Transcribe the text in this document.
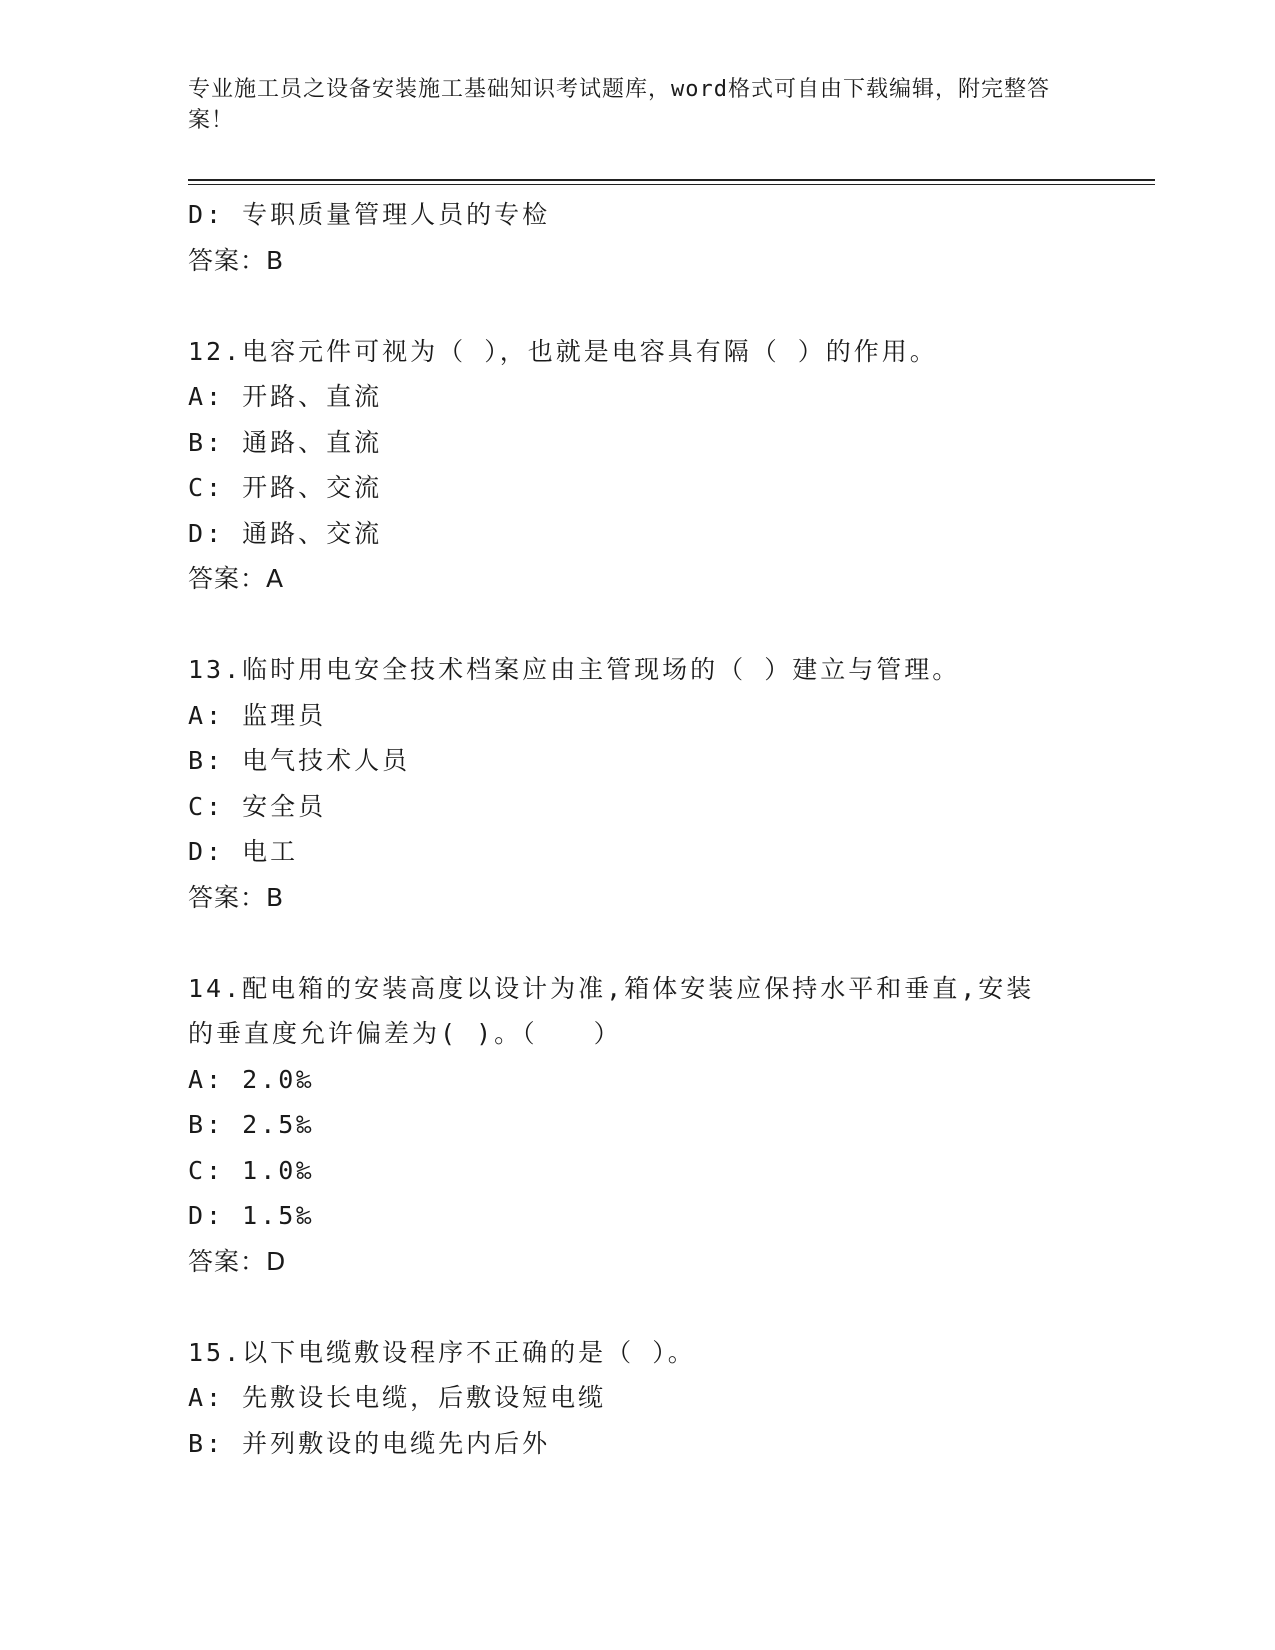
专业施工员之设备安装施工基础知识考试题库，word格式可自由下载编辑，附完整答案！
D: 专职质量管理人员的专检
答案：B
12.电容元件可视为（ ），也就是电容具有隔（ ）的作用。
A: 开路、直流
B: 通路、直流
C: 开路、交流
D: 通路、交流
答案：A
13.临时用电安全技术档案应由主管现场的（ ）建立与管理。
A: 监理员
B: 电气技术人员
C: 安全员
D: 电工
答案：B
14.配电箱的安装高度以设计为准,箱体安装应保持水平和垂直,安装的垂直度允许偏差为( )。（　　）
A: 2.0‰
B: 2.5‰
C: 1.0‰
D: 1.5‰
答案：D
15.以下电缆敷设程序不正确的是（ ）。
A: 先敷设长电缆，后敷设短电缆
B: 并列敷设的电缆先内后外
